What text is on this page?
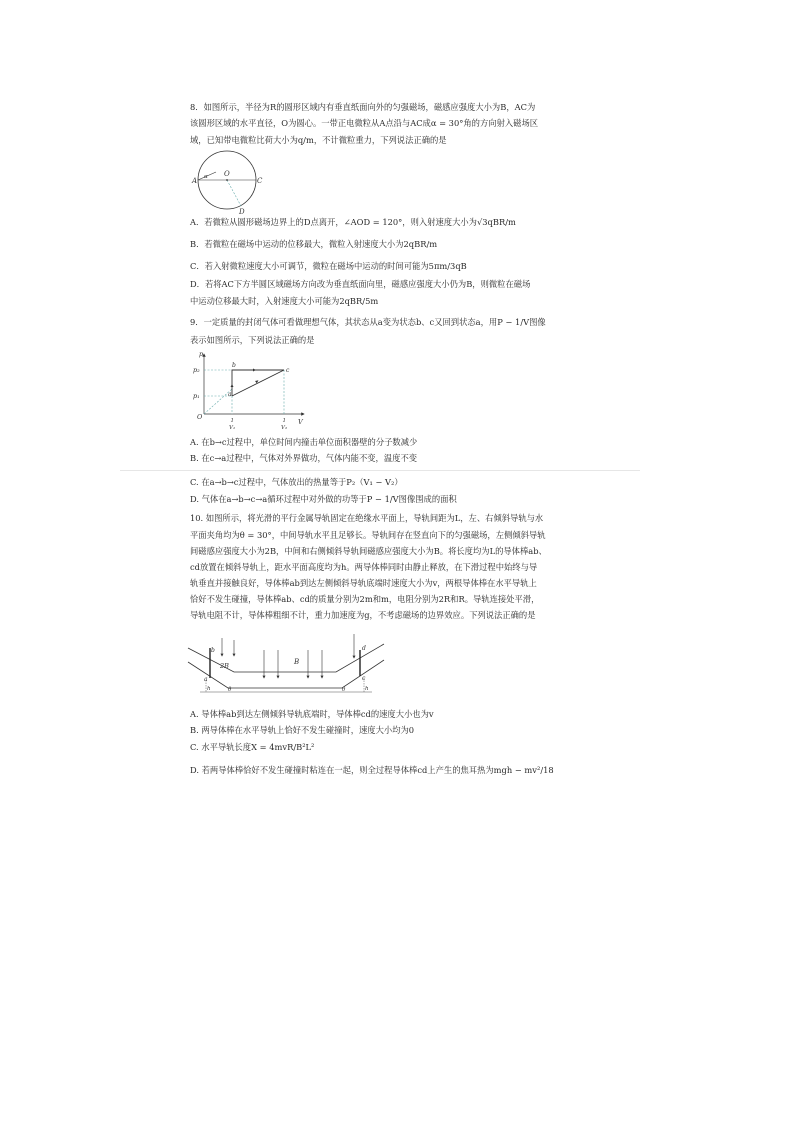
8．如图所示，半径为R的圆形区域内有垂直纸面向外的匀强磁场，磁感应强度大小为B，AC为
该圆形区域的水平直径，O为圆心。一带正电微粒从A点沿与AC成α = 30°角的方向射入磁场区
域，已知带电微粒比荷大小为q/m，不计微粒重力，下列说法正确的是
A α O
C
D
A．若微粒从圆形磁场边界上的D点离开，∠AOD = 120°，则入射速度大小为√3qBR/m
B．若微粒在磁场中运动的位移最大，微粒入射速度大小为2qBR/m
C．若入射微粒速度大小可调节，微粒在磁场中运动的时间可能为5πm/3qB
D．若将AC下方半圆区域磁场方向改为垂直纸面向里，磁感应强度大小仍为B，则微粒在磁场
中运动位移最大时，入射速度大小可能为2qBR/5m
9．一定质量的封闭气体可看做理想气体，其状态从a变为状态b、c又回到状态a，用P − 1/V图像
表示如图所示，下列说法正确的是
p
p₂
p₁
O
a
b
c
1
V₁
1
V₂
V
A. 在b→c过程中，单位时间内撞击单位面积器壁的分子数减少
B. 在c→a过程中，气体对外界做功，气体内能不变，温度不变
C. 在a→b→c过程中，气体放出的热量等于P₂（V₁ − V₂）
D. 气体在a→b→c→a循环过程中对外做的功等于P − 1/V图像围成的面积
10. 如图所示，将光滑的平行金属导轨固定在绝缘水平面上，导轨间距为L，左、右倾斜导轨与水
平面夹角均为θ = 30°，中间导轨水平且足够长。导轨间存在竖直向下的匀强磁场，左侧倾斜导轨
间磁感应强度大小为2B，中间和右侧倾斜导轨间磁感应强度大小为B。将长度均为L的导体棒ab、
cd放置在倾斜导轨上，距水平面高度均为h。两导体棒同时由静止释放，在下滑过程中始终与导
轨垂直并接触良好，导体棒ab到达左侧倾斜导轨底端时速度大小为v，两根导体棒在水平导轨上
恰好不发生碰撞，导体棒ab、cd的质量分别为2m和m，电阻分别为2R和R。导轨连接处平滑，
导轨电阻不计，导体棒粗细不计，重力加速度为g，不考虑磁场的边界效应。下列说法正确的是
b
a
2B	B
d
c
h	h
θ	θ
A. 导体棒ab到达左侧倾斜导轨底端时，导体棒cd的速度大小也为v
B. 两导体棒在水平导轨上恰好不发生碰撞时，速度大小均为0
C. 水平导轨长度X = 4mvR/B²L²
D. 若两导体棒恰好不发生碰撞时粘连在一起，则全过程导体棒cd上产生的焦耳热为mgh − mv²/18
